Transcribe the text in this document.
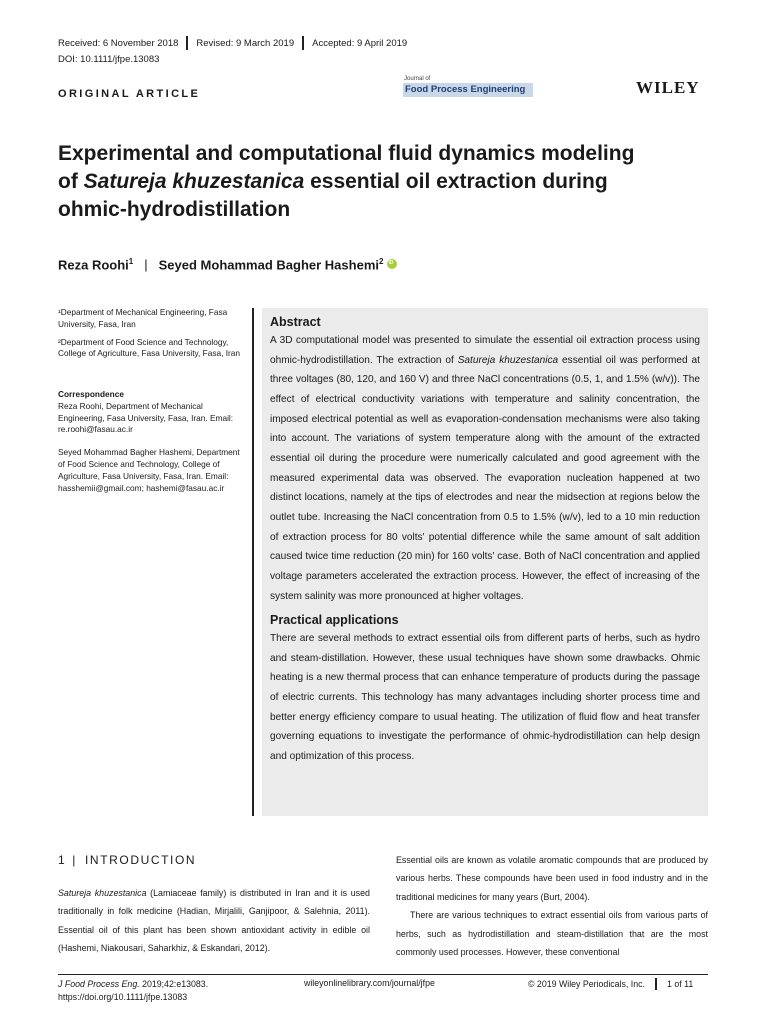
Received: 6 November 2018 Revised: 9 March 2019 Accepted: 9 April 2019
DOI: 10.1111/jfpe.13083
ORIGINAL ARTICLE
Journal of
Food Process Engineering	WILEY
Experimental and computational fluid dynamics modeling
of Satureja khuzestanica essential oil extraction during
ohmic-hydrodistillation
Reza Roohi$^1$ | Seyed Mohammad Bagher Hashemi$^2$
iD

¹Department of Mechanical Engineering, Fasa University, Fasa, Iran

²Department of Food Science and Technology, College of Agriculture, Fasa University, Fasa, Iran

Correspondence

Reza Roohi, Department of Mechanical Engineering, Fasa University, Fasa, Iran. Email: re.roohi@fasau.ac.ir

Seyed Mohammad Bagher Hashemi, Department of Food Science and Technology, College of Agriculture, Fasa University, Fasa, Iran. Email: hasshemii@gmail.com; hashemi@fasau.ac.ir

Abstract

A 3D computational model was presented to simulate the essential oil extraction process using ohmic-hydrodistillation. The extraction of Satureja khuzestanica essential oil was performed at three voltages (80, 120, and 160 V) and three NaCl concentrations (0.5, 1, and 1.5% (w/v)). The effect of electrical conductivity variations with temperature and salinity concentration, the imposed electrical potential as well as evaporation-condensation mechanisms were also taking into account. The variations of system temperature along with the amount of the extracted essential oil during the procedure were numerically calculated and good agreement with the measured experimental data was observed. The evaporation nucleation happened at two distinct locations, namely at the tips of electrodes and near the midsection at regions below the outlet tube. Increasing the NaCl concentration from 0.5 to 1.5% (w/v), led to a 10 min reduction of extraction process for 80 volts' potential difference while the same amount of salt addition caused twice time reduction (20 min) for 160 volts' case. Both of NaCl concentration and applied voltage parameters accelerated the extraction process. However, the effect of increasing of the system salinity was more pronounced at higher voltages.

Practical applications

There are several methods to extract essential oils from different parts of herbs, such as hydro and steam-distillation. However, these usual techniques have shown some drawbacks. Ohmic heating is a new thermal process that can enhance temperature of products during the passage of electric currents. This technology has many advantages including shorter process time and better energy efficiency compare to usual heating. The utilization of fluid flow and heat transfer governing equations to investigate the performance of ohmic-hydrodistillation can help design and optimization of this process.

1 | INTRODUCTION

Satureja khuzestanica (Lamiaceae family) is distributed in Iran and it is used traditionally in folk medicine (Hadian, Mirjalili, Ganjipoor, & Salehnia, 2011). Essential oil of this plant has been shown antioxidant activity in edible oil (Hashemi, Niakousari, Saharkhiz, & Eskandari, 2012).

Essential oils are known as volatile aromatic compounds that are produced by various herbs. These compounds have been used in food industry and in the traditional medicines for many years (Burt, 2004).

There are various techniques to extract essential oils from various parts of herbs, such as hydrodistillation and steam-distillation that are the most commonly used processes. However, these conventional

J Food Process Eng. 2019;42:e13083.
https://doi.org/10.1111/jfpe.13083
wileyonlinelibrary.com/journal/jfpe	© 2019 Wiley Periodicals, Inc.	1 of 11
